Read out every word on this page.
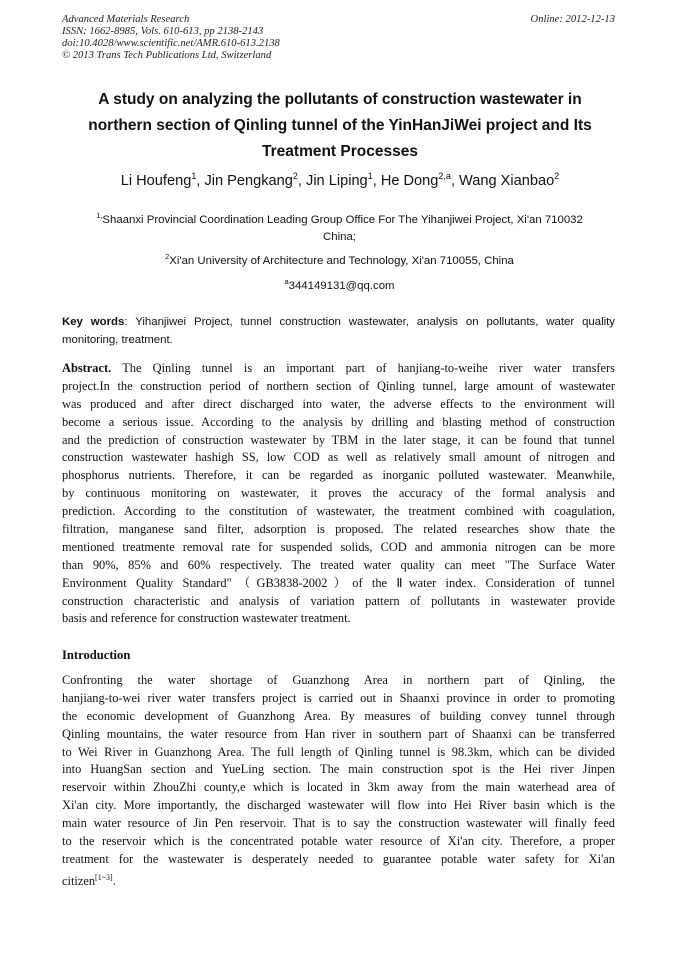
Advanced Materials Research
ISSN: 1662-8985, Vols. 610-613, pp 2138-2143
doi:10.4028/www.scientific.net/AMR.610-613.2138
© 2013 Trans Tech Publications Ltd, Switzerland
Online: 2012-12-13
A study on analyzing the pollutants of construction wastewater in
northern section of Qinling tunnel of the YinHanJiWei project and Its
Treatment Processes
Li Houfeng$^1$, Jin Pengkang$^2$, Jin Liping$^1$, He Dong$^{2,a}$, Wang Xianbao$^2$
$^{1,}$Shaanxi Provincial Coordination Leading Group Office For The Yihanjiwei Project, Xi'an 710032
China;
$^2$Xi'an University of Architecture and Technology, Xi'an 710055, China
$^a$344149131@qq.com
Key words: Yihanjiwei Project, tunnel construction wastewater, analysis on pollutants, water quality monitoring, treatment.
Abstract. The Qinling tunnel is an important part of hanjiang-to-weihe river water transfers
project.In the construction period of northern section of Qinling tunnel, large amount of wastewater
was produced and after direct discharged into water, the adverse effects to the environment will
become a serious issue. According to the analysis by drilling and blasting method of construction
and the prediction of construction wastewater by TBM in the later stage, it can be found that tunnel
construction wastewater hashigh SS, low COD as well as relatively small amount of nitrogen and
phosphorus nutrients. Therefore, it can be regarded as inorganic polluted wastewater. Meanwhile,
by continuous monitoring on wastewater, it proves the accuracy of the formal analysis and
prediction. According to the constitution of wastewater, the treatment combined with coagulation,
filtration, manganese sand filter, adsorption is proposed. The related researches show thate the
mentioned treatmente removal rate for suspended solids, COD and ammonia nitrogen can be more
than 90%, 85% and 60% respectively. The treated water quality can meet "The Surface Water
Environment Quality Standard"（GB3838-2002）of the Ⅱwater index. Consideration of tunnel
construction characteristic and analysis of variation pattern of pollutants in wastewater provide
basis and reference for construction wastewater treatment.
Introduction
Confronting the water shortage of Guanzhong Area in northern part of Qinling, the
hanjiang-to-wei river water transfers project is carried out in Shaanxi province in order to promoting
the economic development of Guanzhong Area. By measures of building convey tunnel through
Qinling mountains, the water resource from Han river in southern part of Shaanxi can be transferred
to Wei River in Guanzhong Area. The full length of Qinling tunnel is 98.3km, which can be divided
into HuangSan section and YueLing section. The main construction spot is the Hei river Jinpen
reservoir within ZhouZhi county,e which is located in 3km away from the main waterhead area of
Xi'an city. More importantly, the discharged wastewater will flow into Hei River basin which is the
main water resource of Jin Pen reservoir. That is to say the construction wastewater will finally feed
to the reservoir which is the concentrated potable water resource of Xi'an city. Therefore, a proper
treatment for the wastewater is desperately needed to guarantee potable water safety for Xi'an
citizen[1~3].
